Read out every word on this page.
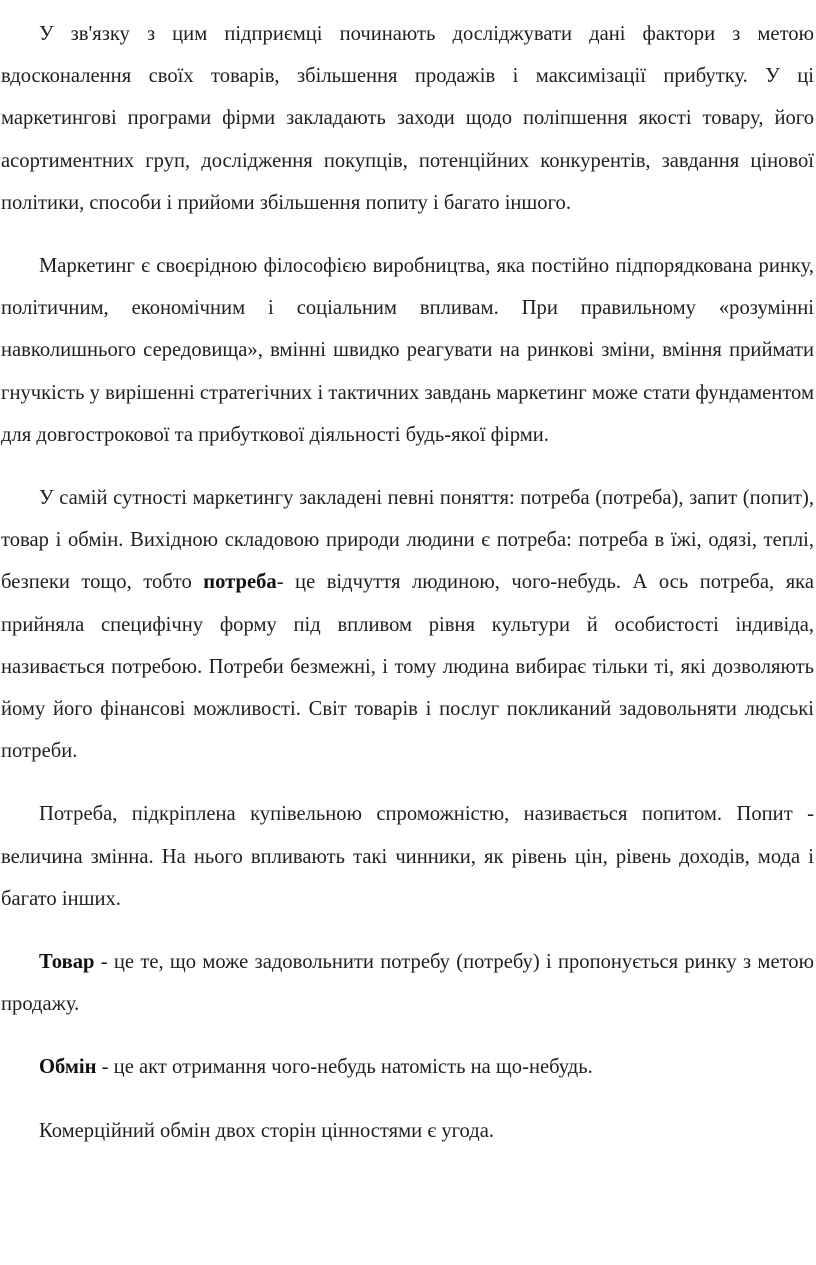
У зв'язку з цим підприємці починають досліджувати дані фактори з метою вдосконалення своїх товарів, збільшення продажів і максимізації прибутку. У ці маркетингові програми фірми закладають заходи щодо поліпшення якості товару, його асортиментних груп, дослідження покупців, потенційних конкурентів, завдання цінової політики, способи і прийоми збільшення попиту і багато іншого.

Маркетинг є своєрідною філософією виробництва, яка постійно підпорядкована ринку, політичним, економічним і соціальним впливам. При правильному «розумінні навколишнього середовища», вмінні швидко реагувати на ринкові зміни, вміння приймати гнучкість у вирішенні стратегічних і тактичних завдань маркетинг може стати фундаментом для довгострокової та прибуткової діяльності будь-якої фірми.

У самій сутності маркетингу закладені певні поняття: потреба (потреба), запит (попит), товар і обмін. Вихідною складовою природи людини є потреба: потреба в їжі, одязі, теплі, безпеки тощо, тобто потреба- це відчуття людиною, чого-небудь. А ось потреба, яка прийняла специфічну форму під впливом рівня культури й особистості індивіда, називається потребою. Потреби безмежні, і тому людина вибирає тільки ті, які дозволяють йому його фінансові можливості. Світ товарів і послуг покликаний задовольняти людські потреби.

Потреба, підкріплена купівельною спроможністю, називається попитом. Попит - величина змінна. На нього впливають такі чинники, як рівень цін, рівень доходів, мода і багато інших.

Товар - це те, що може задовольнити потребу (потребу) і пропонується ринку з метою продажу.

Обмін - це акт отримання чого-небудь натомість на що-небудь.

Комерційний обмін двох сторін цінностями є угода.
